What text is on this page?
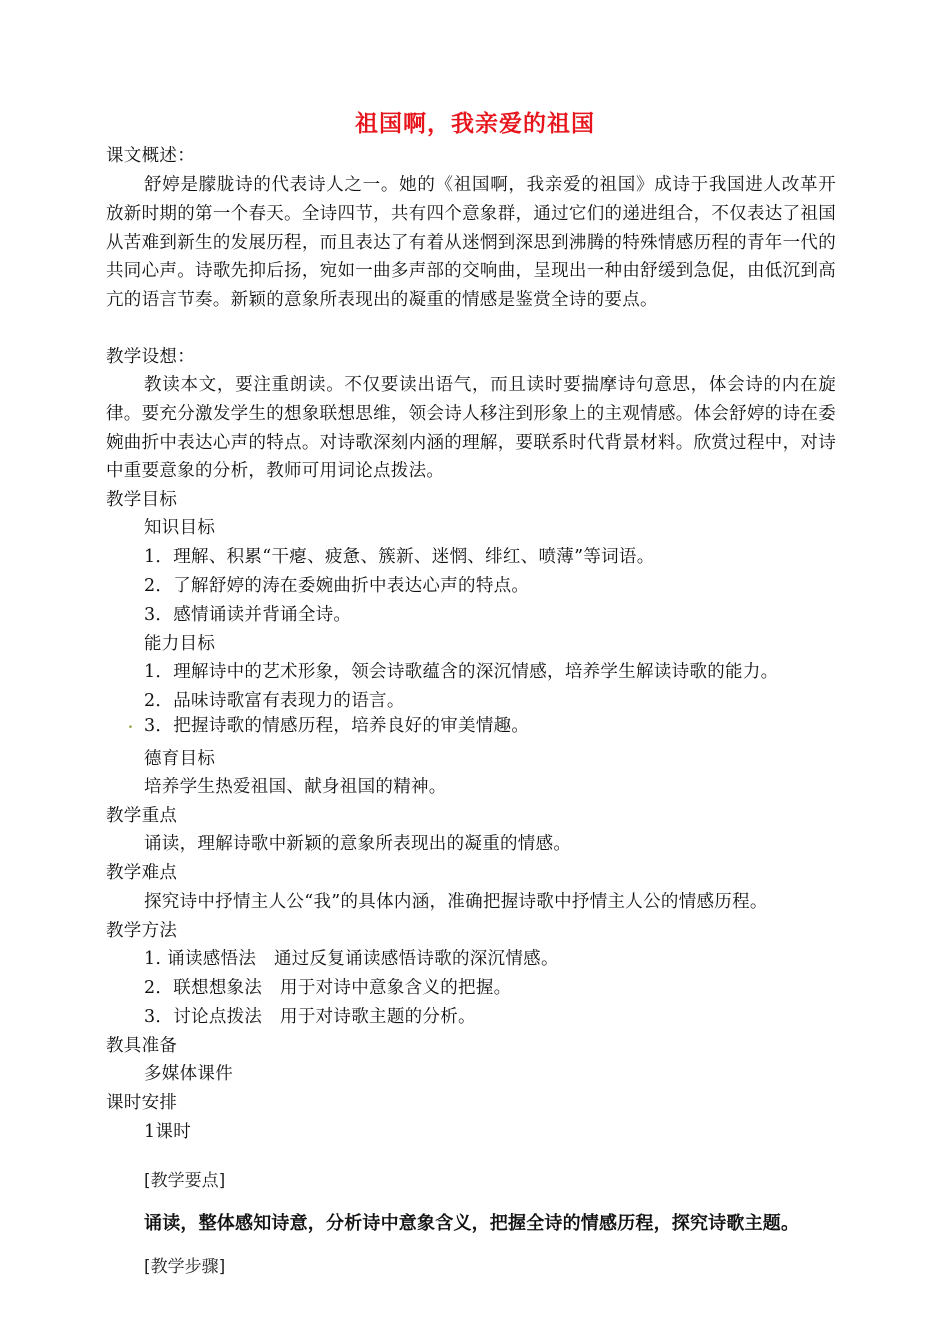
祖国啊，我亲爱的祖国
课文概述：
舒婷是朦胧诗的代表诗人之一。她的《祖国啊，我亲爱的祖国》成诗于我国进人改革开放新时期的第一个春天。全诗四节，共有四个意象群，通过它们的递进组合，不仅表达了祖国从苦难到新生的发展历程，而且表达了有着从迷惘到深思到沸腾的特殊情感历程的青年一代的共同心声。诗歌先抑后扬，宛如一曲多声部的交响曲，呈现出一种由舒缓到急促，由低沉到高亢的语言节奏。新颖的意象所表现出的凝重的情感是鉴赏全诗的要点。
教学设想：
教读本文，要注重朗读。不仅要读出语气，而且读时要揣摩诗句意思，体会诗的内在旋律。要充分激发学生的想象联想思维，领会诗人移注到形象上的主观情感。体会舒婷的诗在委婉曲折中表达心声的特点。对诗歌深刻内涵的理解，要联系时代背景材料。欣赏过程中，对诗中重要意象的分析，教师可用词论点拨法。
教学目标
知识目标
1．理解、积累“干瘪、疲惫、簇新、迷惘、绯红、喷薄”等词语。
2．了解舒婷的涛在委婉曲折中表达心声的特点。
3．感情诵读并背诵全诗。
能力目标
1．理解诗中的艺术形象，领会诗歌蕴含的深沉情感，培养学生解读诗歌的能力。
2．品味诗歌富有表现力的语言。
. 3．把握诗歌的情感历程，培养良好的审美情趣。
德育目标
培养学生热爱祖国、献身祖国的精神。
教学重点
诵读，理解诗歌中新颖的意象所表现出的凝重的情感。
教学难点
探究诗中抒情主人公“我”的具体内涵，准确把握诗歌中抒情主人公的情感历程。
教学方法
1. 诵读感悟法　通过反复诵读感悟诗歌的深沉情感。
2．联想想象法　用于对诗中意象含义的把握。
3．讨论点拨法　用于对诗歌主题的分析。
教具准备
多媒体课件
课时安排
1课时
[教学要点]
诵读，整体感知诗意，分析诗中意象含义，把握全诗的情感历程，探究诗歌主题。
[教学步骤]
